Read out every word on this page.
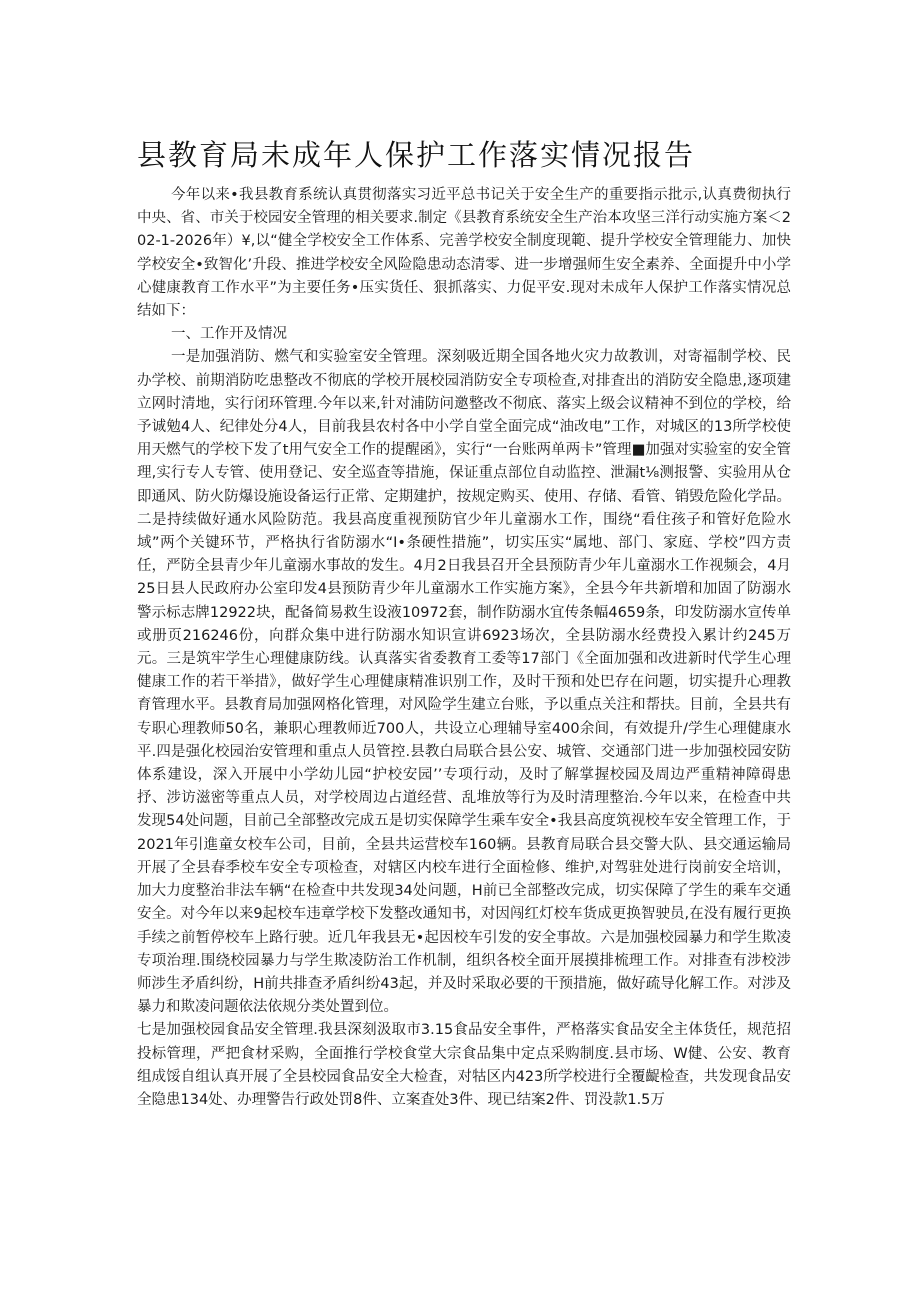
县教育局未成年人保护工作落实情况报告

今年以来•我县教育系统认真贯彻落实习近平总书记关于安全生产的重要指示批示,认真费彻执行中央、省、市关于校园安全管理的相关要求.制定《县教育系统安全生产治本攻坚三洋行动实施方案＜202-1-2026年）¥,以“健全学校安全工作体系、完善学校安全制度现範、提升学校安全管理能力、加快学校安全•致智化’升段、推进学校安全风险隐患动态清零、进一步增强师生安全素养、全面提升中小学心健康教育工作水平”为主要任务•压实货任、狠抓落实、力促平安.现对未成年人保护工作落实情况总结如下：

一、工作开及情况

一是加强消防、燃气和实验室安全管理。深刻吸近期全国各地火灾力故教训，对寄福制学校、民办学校、前期消防吃患整改不彻底的学校开展校园消防安全专项检查,对排査出的消防安全隐患,逐项建立网时清地，实行闭环管理.今年以来,针对浦防问邀整改不彻底、落实上级会议精神不到位的学校，给予诚勉4人、纪律处分4人，目前我县农村各中小学自堂全面完成“油改电”工作，对城区的13所学校使用天燃气的学校下发了t用气安全工作的提醒函》，实行“一台账两单两卡”管理■加强对实验室的安全管理,实行专人专管、使用登记、安全巡査等措施，保证重点部位自动监控、泄漏t⅛测报警、实验用从仓即通风、防火防爆设施设备运行正常、定期建护，按规定购买、使用、存储、看管、销毁危险化学品。二是持续做好通水风险防范。我县高度重视预防官少年儿童溺水工作，围绕“看住孩子和管好危险水域”两个关键环节，严格执行省防溺水“I•条硬性措施”，切实压实“属地、部门、家庭、学校”四方责任，严防全县青少年儿童溺水事故的发生。4月2日我县召开全县预防青少年儿童溺水工作视频会，4月25日县人民政府办公室印发4县预防青少年儿童溺水工作实施方案》，全县今年共新増和加固了防溺水警示标志牌12922块，配备简易救生设液10972套，制作防溺水宜传条幅4659条，印发防溺水宣传单或册页216246份，向群众集中进行防溺水知识宣讲6923场次，全县防溺水经费投入累计约245万元。三是筑牢学生心理健康防线。认真落实省委教育工委等17部门《全面加强和改进新时代学生心理健康工作的若干举措》，做好学生心理健康精准识别工作，及时干预和处巴存在问题，切实提升心理教育管理水平。县教育局加强网格化管理，对风险学生建立台账，予以重点关注和帮扶。目前，全县共有专职心理教师50名，兼职心理教师近700人，共设立心理辅导室400余间，有效提升/学生心理健康水平.四是强化校园治安管理和重点人员管控.县教白局联合县公安、城管、交通部门进一步加强校园安防体系建设，深入开展中小学幼儿园“护校安园’’专项行动，及时了解掌握校园及周边严重精神障碍患抒、涉访滋密等重点人员，对学校周边占道经营、乱堆放等行为及时清理整治.今年以来，在检查中共发现54处问题，目前己全部整改完成五是切实保障学生乘车安全•我县高度筑视校车安全管理工作，于2021年引進童女校车公司，目前，全县共运营校车160辆。县教育局联合县交警大队、县交通运输局开展了全县春季校车安全专项检查，对辖区内校车进行全面检修、维护,对驾驻处进行岗前安全培训，加大力度整治非法车辆“在检查中共发现34处问题，H前已全部整改完成，切实保障了学生的乘车交通安全。对今年以来9起校车违章学校下发整改通知书，对因闯红灯校车货成更换智驶员,在没有履行更换手续之前暂停校车上路行驶。近几年我县无•起因校车引发的安全事故。六是加强校园暴力和学生欺凌专项治理.围绕校园暴力与学生欺凌防治工作机制，组织各校全面开展摸排梳理工作。对排查有涉校涉师涉生矛盾纠纷，H前共排查矛盾纠纷43起，并及时采取必要的干预措施，做好疏导化解工作。对涉及暴力和欺凌问题依法依规分类处置到位。

七是加强校园食品安全管理.我县深刻汲取市3.15食品安全事件，严格落实食品安全主体货任，规范招投标管理，严把食材采购，全面推行学校食堂大宗食品集中定点采购制度.县市场、W健、公安、教育组成馁自组认真开展了全县校园食品安全大检査，对牯区内423所学校进行全覆齪检查，共发现食品安全隐患134处、办理警告行政处罚8件、立案査处3件、现已结案2件、罚没款1.5万
